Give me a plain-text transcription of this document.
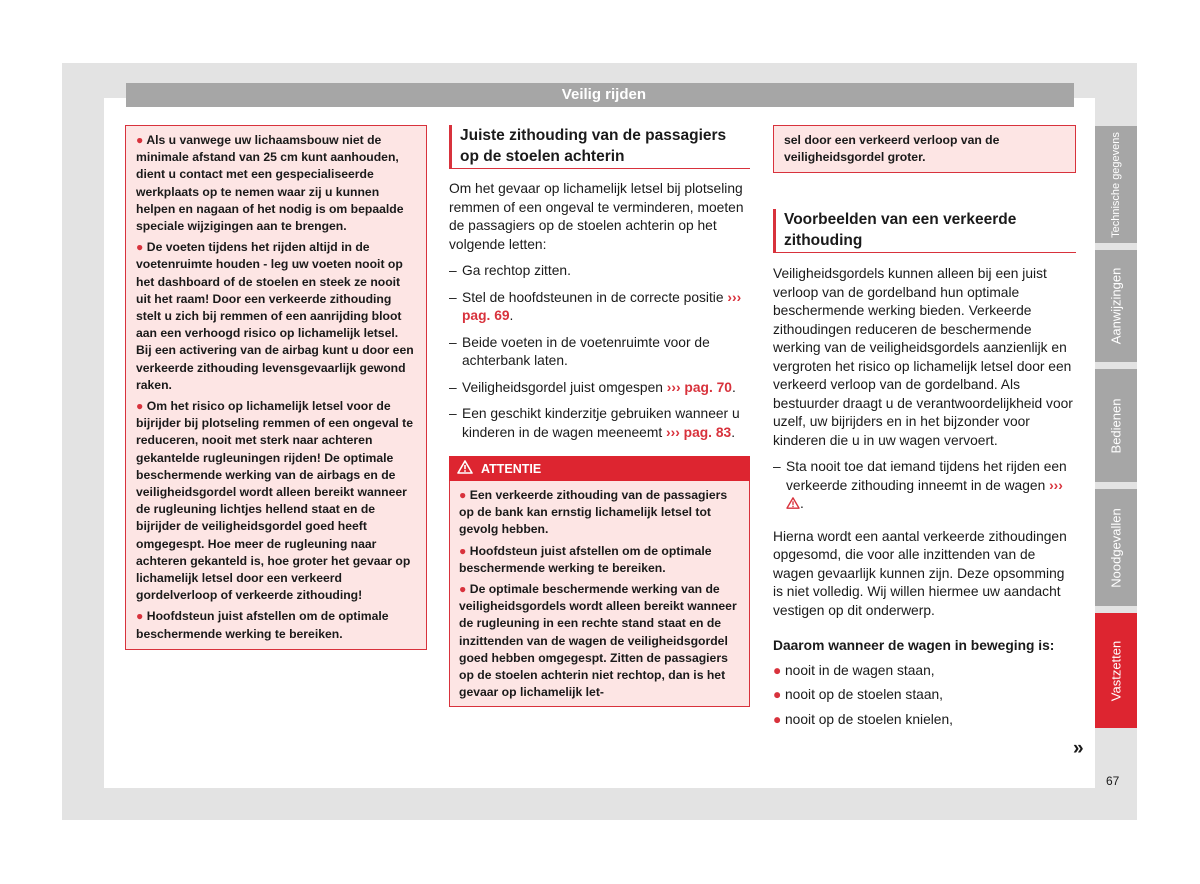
Veilig rijden

● Als u vanwege uw lichaamsbouw niet de minimale afstand van 25 cm kunt aanhouden, dient u contact met een gespecialiseerde werkplaats op te nemen waar zij u kunnen helpen en nagaan of het nodig is om bepaalde speciale wijzigingen aan te brengen.

● De voeten tijdens het rijden altijd in de voetenruimte houden - leg uw voeten nooit op het dashboard of de stoelen en steek ze nooit uit het raam! Door een verkeerde zithouding stelt u zich bij remmen of een aanrijding bloot aan een verhoogd risico op lichamelijk letsel. Bij een activering van de airbag kunt u door een verkeerde zithouding levensgevaarlijk gewond raken.

● Om het risico op lichamelijk letsel voor de bijrijder bij plotseling remmen of een ongeval te reduceren, nooit met sterk naar achteren gekantelde rugleuningen rijden! De optimale beschermende werking van de airbags en de veiligheidsgordel wordt alleen bereikt wanneer de rugleuning lichtjes hellend staat en de bijrijder de veiligheidsgordel goed heeft omgegespt. Hoe meer de rugleuning naar achteren gekanteld is, hoe groter het gevaar op lichamelijk letsel door een verkeerd gordelverloop of verkeerde zithouding!

● Hoofdsteun juist afstellen om de optimale beschermende werking te bereiken.

Juiste zithouding van de passagiers op de stoelen achterin

Om het gevaar op lichamelijk letsel bij plotseling remmen of een ongeval te verminderen, moeten de passagiers op de stoelen achterin op het volgende letten:

– Ga rechtop zitten.
– Stel de hoofdsteunen in de correcte positie ››› pag. 69.
– Beide voeten in de voetenruimte voor de achterbank laten.
– Veiligheidsgordel juist omgespen ››› pag. 70.
– Een geschikt kinderzitje gebruiken wanneer u kinderen in de wagen meeneemt ››› pag. 83.
ATTENTIE

● Een verkeerde zithouding van de passagiers op de bank kan ernstig lichamelijk letsel tot gevolg hebben.

● Hoofdsteun juist afstellen om de optimale beschermende werking te bereiken.

● De optimale beschermende werking van de veiligheidsgordels wordt alleen bereikt wanneer de rugleuning in een rechte stand staat en de inzittenden van de wagen de veiligheidsgordel goed hebben omgegespt. Zitten de passagiers op de stoelen achterin niet rechtop, dan is het gevaar op lichamelijk let-

sel door een verkeerd verloop van de veiligheidsgordel groter.

Voorbeelden van een verkeerde zithouding

Veiligheidsgordels kunnen alleen bij een juist verloop van de gordelband hun optimale beschermende werking bieden. Verkeerde zithoudingen reduceren de beschermende werking van de veiligheidsgordels aanzienlijk en vergroten het risico op lichamelijk letsel door een verkeerd verloop van de gordelband. Als bestuurder draagt u de verantwoordelijkheid voor uzelf, uw bijrijders en in het bijzonder voor kinderen die u in uw wagen vervoert.

– Sta nooit toe dat iemand tijdens het rijden een verkeerde zithouding inneemt in de wagen ››› .

Hierna wordt een aantal verkeerde zithoudingen opgesomd, die voor alle inzittenden van de wagen gevaarlijk kunnen zijn. Deze opsomming is niet volledig. Wij willen hiermee uw aandacht vestigen op dit onderwerp.

Daarom wanneer de wagen in beweging is:

● nooit in de wagen staan,
● nooit op de stoelen staan,
● nooit op de stoelen knielen,
»
Technische gegevens
Aanwijzingen
Bedienen
Noodgevallen
Vastzetten
67
